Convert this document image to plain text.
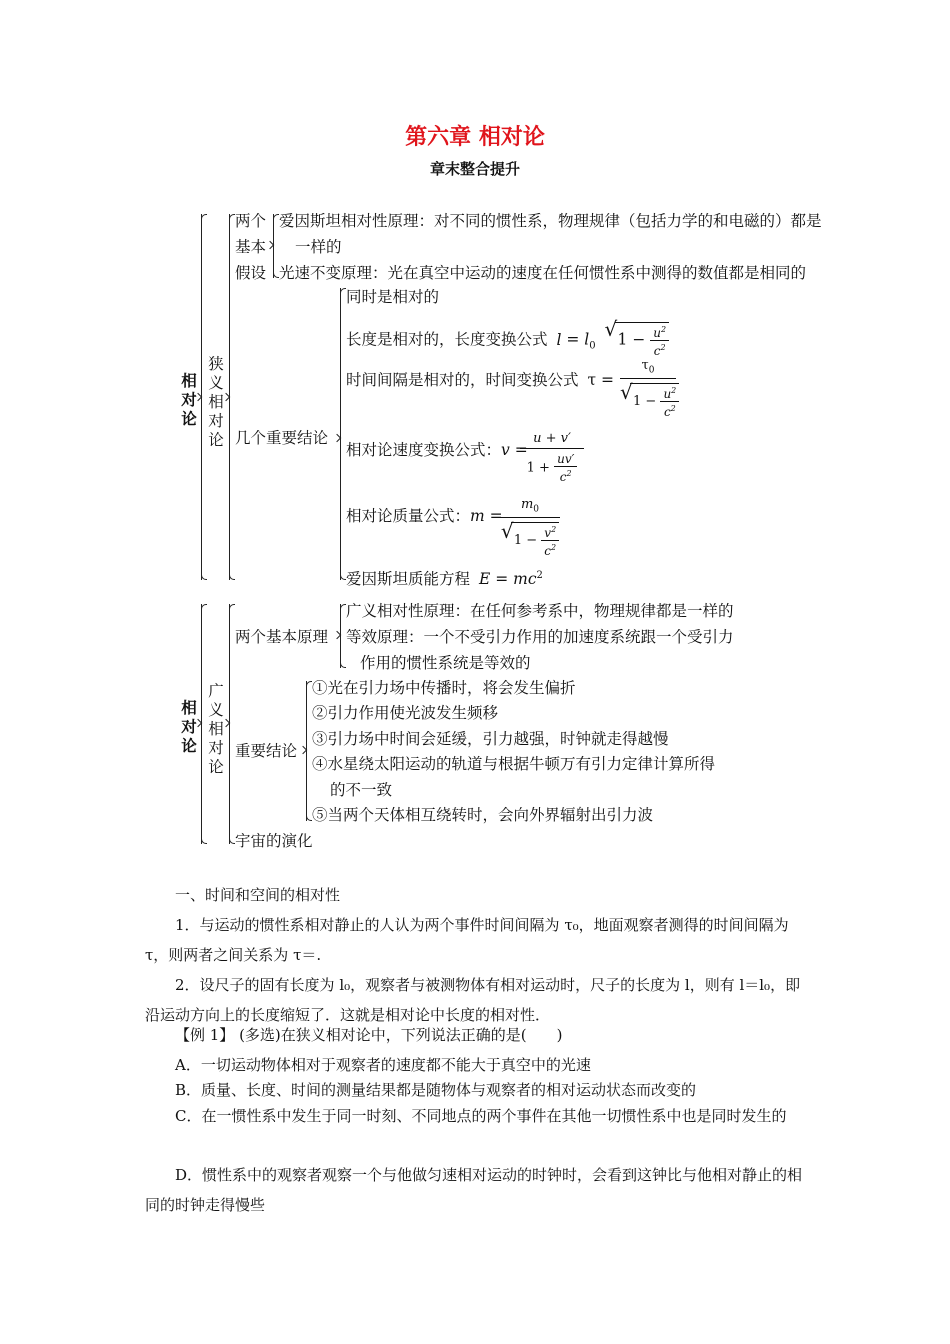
第六章 相对论
章末整合提升
相对论
狭义相对论
两个
基本
假设
爱因斯坦相对性原理：对不同的惯性系，物理规律（包括力学的和电磁的）都是
一样的
光速不变原理：光在真空中运动的速度在任何惯性系中测得的数值都是相同的
几个重要结论
同时是相对的
长度是相对的，长度变换公式 $l = l_0$ √ $1 - \frac{u^2}{c^2}$
时间间隔是相对的，时间变换公式 τ =
$\tau_0$
√ $1 - \frac{u^2}{c^2}$
相对论速度变换公式：v =
u + v′
$1 + \frac{uv'}{c^2}$
相对论质量公式：m =
$m_0$
√ $1 - \frac{v^2}{c^2}$
爱因斯坦质能方程 $E = mc^2$
相对论
广义相对论
两个基本原理
广义相对性原理：在任何参考系中，物理规律都是一样的
等效原理：一个不受引力作用的加速度系统跟一个受引力
作用的惯性系统是等效的
重要结论
①光在引力场中传播时，将会发生偏折
②引力作用使光波发生频移
③引力场中时间会延缓，引力越强，时钟就走得越慢
④水星绕太阳运动的轨道与根据牛顿万有引力定律计算所得
的不一致
⑤当两个天体相互绕转时，会向外界辐射出引力波
宇宙的演化
一、时间和空间的相对性
1．与运动的惯性系相对静止的人认为两个事件时间间隔为 τ₀，地面观察者测得的时间间隔为 τ，则两者之间关系为 τ＝.
2．设尺子的固有长度为 l₀，观察者与被测物体有相对运动时，尺子的长度为 l，则有 l＝l₀，即沿运动方向上的长度缩短了．这就是相对论中长度的相对性．
【例 1】 (多选)在狭义相对论中，下列说法正确的是(　　)
A．一切运动物体相对于观察者的速度都不能大于真空中的光速
B．质量、长度、时间的测量结果都是随物体与观察者的相对运动状态而改变的
C．在一惯性系中发生于同一时刻、不同地点的两个事件在其他一切惯性系中也是同时发生的
D．惯性系中的观察者观察一个与他做匀速相对运动的时钟时，会看到这钟比与他相对静止的相同的时钟走得慢些
